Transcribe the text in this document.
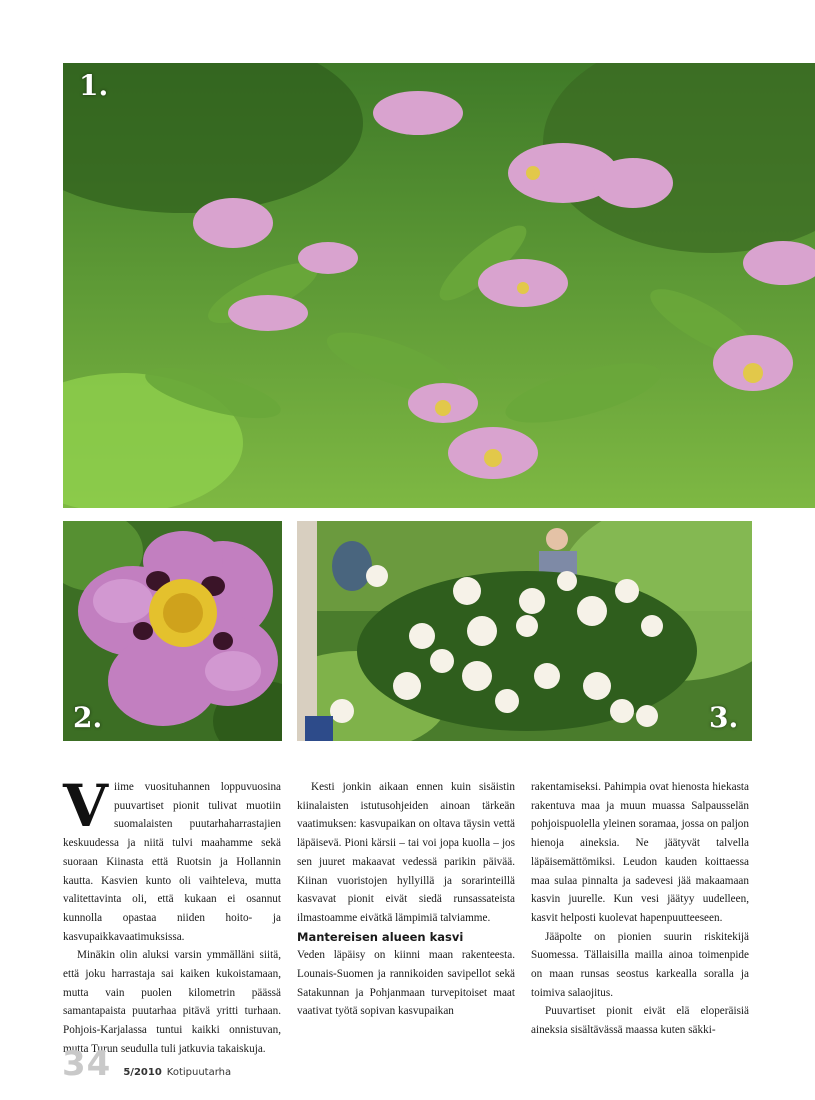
1.
2.	3.

Viime vuosituhannen loppuvuosina puuvartiset pionit tulivat muotiin suomalaisten puutarhaharrastajien keskuudessa ja niitä tulvi maahamme sekä suoraan Kiinasta että Ruotsin ja Hollannin kautta. Kasvien kunto oli vaihteleva, mutta valitettavinta oli, että kukaan ei osannut kunnolla opastaa niiden hoito- ja kasvupaikkavaatimuksissa.

Minäkin olin aluksi varsin ymmälläni siitä, että joku harrastaja sai kaiken kukoistamaan, mutta vain puolen kilometrin päässä samantapaista puutarhaa pitävä yritti turhaan. Pohjois-Karjalassa tuntui kaikki onnistuvan, mutta Turun seudulla tuli jatkuvia takaiskuja.

Kesti jonkin aikaan ennen kuin sisäistin kiinalaisten istutusohjeiden ainoan tärkeän vaatimuksen: kasvupaikan on oltava täysin vettä läpäisevä. Pioni kärsii – tai voi jopa kuolla – jos sen juuret makaavat vedessä parikin päivää. Kiinan vuoristojen hyllyillä ja sorarinteillä kasvavat pionit eivät siedä runsassateista ilmastoamme eivätkä lämpimiä talviamme.

Mantereisen alueen kasvi

Veden läpäisy on kiinni maan rakenteesta. Lounais-Suomen ja rannikoiden savipellot sekä Satakunnan ja Pohjanmaan turvepitoiset maat vaativat työtä sopivan kasvupaikan

rakentamiseksi. Pahimpia ovat hienosta hiekasta rakentuva maa ja muun muassa Salpausselän pohjoispuolella yleinen soramaa, jossa on paljon hienoja aineksia. Ne jäätyvät talvella läpäisemättömiksi. Leudon kauden koittaessa maa sulaa pinnalta ja sadevesi jää makaamaan kasvin juurelle. Kun vesi jäätyy uudelleen, kasvit helposti kuolevat hapenpuutteeseen.

Jääpolte on pionien suurin riskitekijä Suomessa. Tällaisilla mailla ainoa toimenpide on maan runsas seostus karkealla soralla ja toimiva salaojitus.

Puuvartiset pionit eivät elä eloperäisiä aineksia sisältävässä maassa kuten säkki-

34 5/2010 Kotipuutarha
